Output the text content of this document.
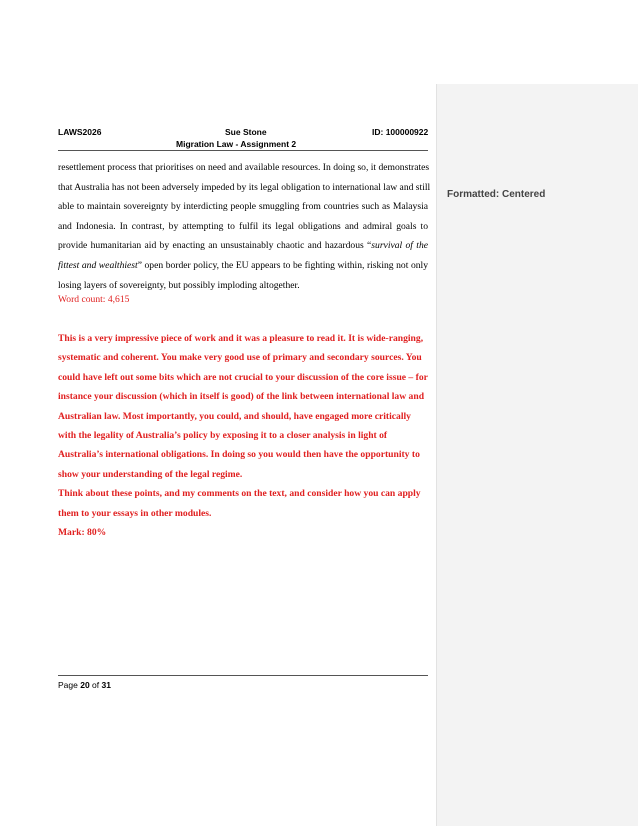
Formatted: Centered
LAWS2026	Sue Stone	ID: 100000922
Migration Law - Assignment 2
resettlement process that prioritises on need and available resources. In doing so, it demonstrates
that Australia has not been adversely impeded by its legal obligation to international law and still
able to maintain sovereignty by interdicting people smuggling from countries such as Malaysia
and Indonesia. In contrast, by attempting to fulfil its legal obligations and admiral goals to
provide humanitarian aid by enacting an unsustainably chaotic and hazardous “survival of the
fittest and wealthiest” open border policy, the EU appears to be fighting within, risking not only
losing layers of sovereignty, but possibly imploding altogether.
Word count: 4,615
This is a very impressive piece of work and it was a pleasure to read it. It is wide-ranging,
systematic and coherent. You make very good use of primary and secondary sources. You
could have left out some bits which are not crucial to your discussion of the core issue – for
instance your discussion (which in itself is good) of the link between international law and
Australian law. Most importantly, you could, and should, have engaged more critically
with the legality of Australia’s policy by exposing it to a closer analysis in light of
Australia’s international obligations. In doing so you would then have the opportunity to
show your understanding of the legal regime.
Think about these points, and my comments on the text, and consider how you can apply
them to your essays in other modules.
Mark: 80%
Page 20 of 31
